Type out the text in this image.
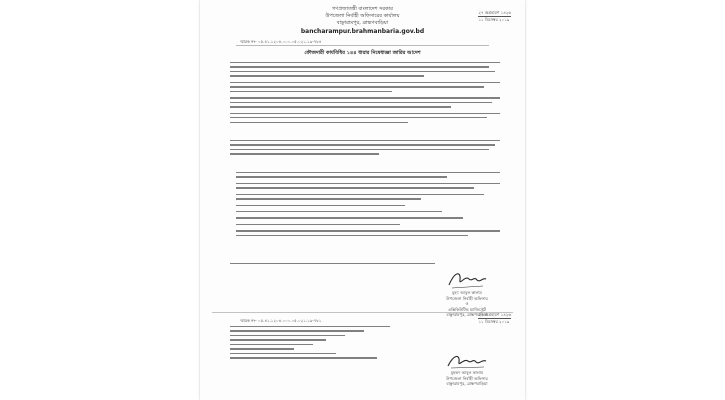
গণপ্রজাতন্ত্রী বাংলাদেশ সরকার
উপজেলা নির্বাহী অফিসারের কার্যালয়
বাঞ্ছারামপুর, ব্রাহ্মণবাড়িয়া
bancharampur.brahmanbaria.gov.bd
২৭ অগ্রহায়ণ ১৪২৬
১১ ডিসেম্বর ২০১৯
স্মারক নং- ০৫.৪১.১২০৪.০০০.০৫.০২১.১৯-৭৮৪
ফৌজদারী কার্যবিধির ১৪৪ ধারার নিষেধাজ্ঞা জারির আদেশ
মুহা: আবুল কালাম
উপজেলা নির্বাহী অফিসার
ও
এক্সিকিউটিভ ম্যাজিস্ট্রেট
বাঞ্ছারামপুর, ব্রাহ্মণবাড়িয়া
স্মারক নং- ০৫.৪১.১২০৪.০০০.০৫.০২১.১৯-৭৮১
২৭ অগ্রহায়ণ ১৪২৬
১১ ডিসেম্বর ২০১৯
মুহম্মদ আবুল কালাম
উপজেলা নির্বাহী অফিসার
বাঞ্ছারামপুর, ব্রাহ্মণবাড়িয়া
